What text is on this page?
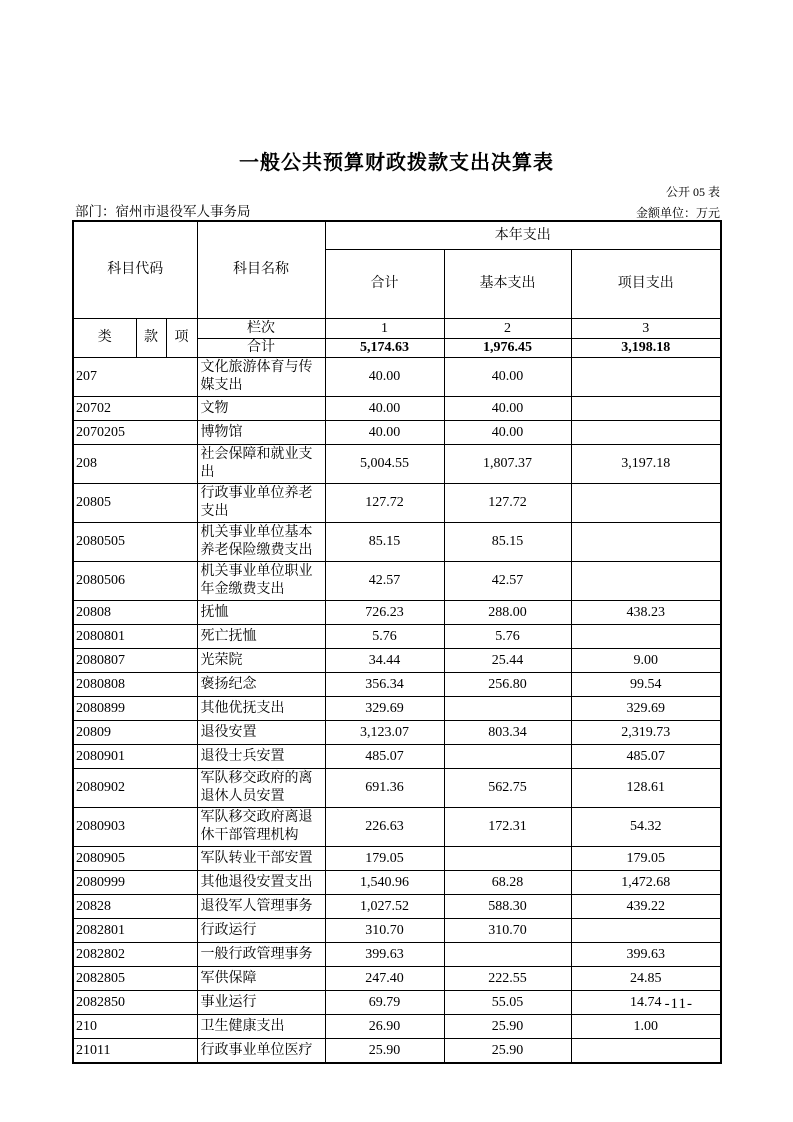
一般公共预算财政拨款支出决算表
公开 05 表
部门：宿州市退役军人事务局	金额单位：万元
科目代码			科目名称	本年支出		
				合计	基本支出	项目支出
类	款	项	栏次	1	2	3
			合计	5,174.63	1,976.45	3,198.18
207			文化旅游体育与传媒支出	40.00	40.00	
20702			文物	40.00	40.00	
2070205			博物馆	40.00	40.00	
208			社会保障和就业支出	5,004.55	1,807.37	3,197.18
20805			行政事业单位养老支出	127.72	127.72	
2080505			机关事业单位基本养老保险缴费支出	85.15	85.15	
2080506			机关事业单位职业年金缴费支出	42.57	42.57	
20808			抚恤	726.23	288.00	438.23
2080801			死亡抚恤	5.76	5.76	
2080807			光荣院	34.44	25.44	9.00
2080808			褒扬纪念	356.34	256.80	99.54
2080899			其他优抚支出	329.69		329.69
20809			退役安置	3,123.07	803.34	2,319.73
2080901			退役士兵安置	485.07		485.07
2080902			军队移交政府的离退休人员安置	691.36	562.75	128.61
2080903			军队移交政府离退休干部管理机构	226.63	172.31	54.32
2080905			军队转业干部安置	179.05		179.05
2080999			其他退役安置支出	1,540.96	68.28	1,472.68
20828			退役军人管理事务	1,027.52	588.30	439.22
2082801			行政运行	310.70	310.70	
2082802			一般行政管理事务	399.63		399.63
2082805			军供保障	247.40	222.55	24.85
2082850			事业运行	69.79	55.05	14.74
210			卫生健康支出	26.90	25.90	1.00
21011			行政事业单位医疗	25.90	25.90	
-11-
